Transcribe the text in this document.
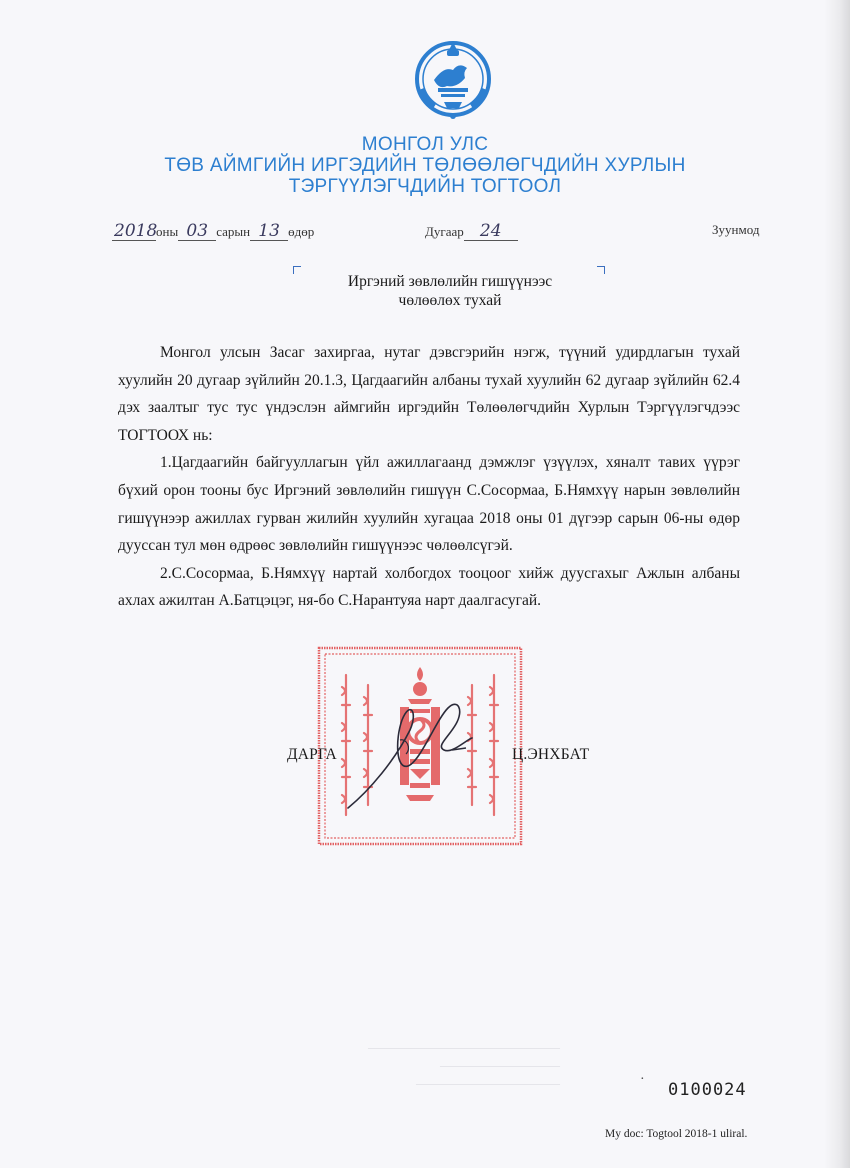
МОНГОЛ УЛС
ТӨВ АЙМГИЙН ИРГЭДИЙН ТӨЛӨӨЛӨГЧДИЙН ХУРЛЫН
ТЭРГҮҮЛЭГЧДИЙН ТОГТООЛ
2018оны 03 сарын 13 өдөр	Дугаар 24	Зуунмод
Иргэний зөвлөлийн гишүүнээс
чөлөөлөх тухай

Монгол улсын Засаг захиргаа, нутаг дэвсгэрийн нэгж, түүний удирдлагын тухай хуулийн 20 дугаар зүйлийн 20.1.3, Цагдаагийн албаны тухай хуулийн 62 дугаар зүйлийн 62.4 дэх заалтыг тус тус үндэслэн аймгийн иргэдийн Төлөөлөгчдийн Хурлын Тэргүүлэгчдээс ТОГТООХ нь:

1.Цагдаагийн байгууллагын үйл ажиллагаанд дэмжлэг үзүүлэх, хяналт тавих үүрэг бүхий орон тооны бус Иргэний зөвлөлийн гишүүн С.Сосормаа, Б.Нямхүү нарын зөвлөлийн гишүүнээр ажиллах гурван жилийн хуулийн хугацаа 2018 оны 01 дүгээр сарын 06-ны өдөр дууссан тул мөн өдрөөс зөвлөлийн гишүүнээс чөлөөлсүгэй.

2.С.Сосормаа, Б.Нямхүү нартай холбогдох тооцоог хийж дуусгахыг Ажлын албаны ахлах ажилтан А.Батцэцэг, ня-бо С.Нарантуяа нарт даалгасугай.

ДАРГА	Ц.ЭНХБАТ
————————————————
——————————
————————————	·
0100024
My doc: Togtool 2018-1 uliral.
